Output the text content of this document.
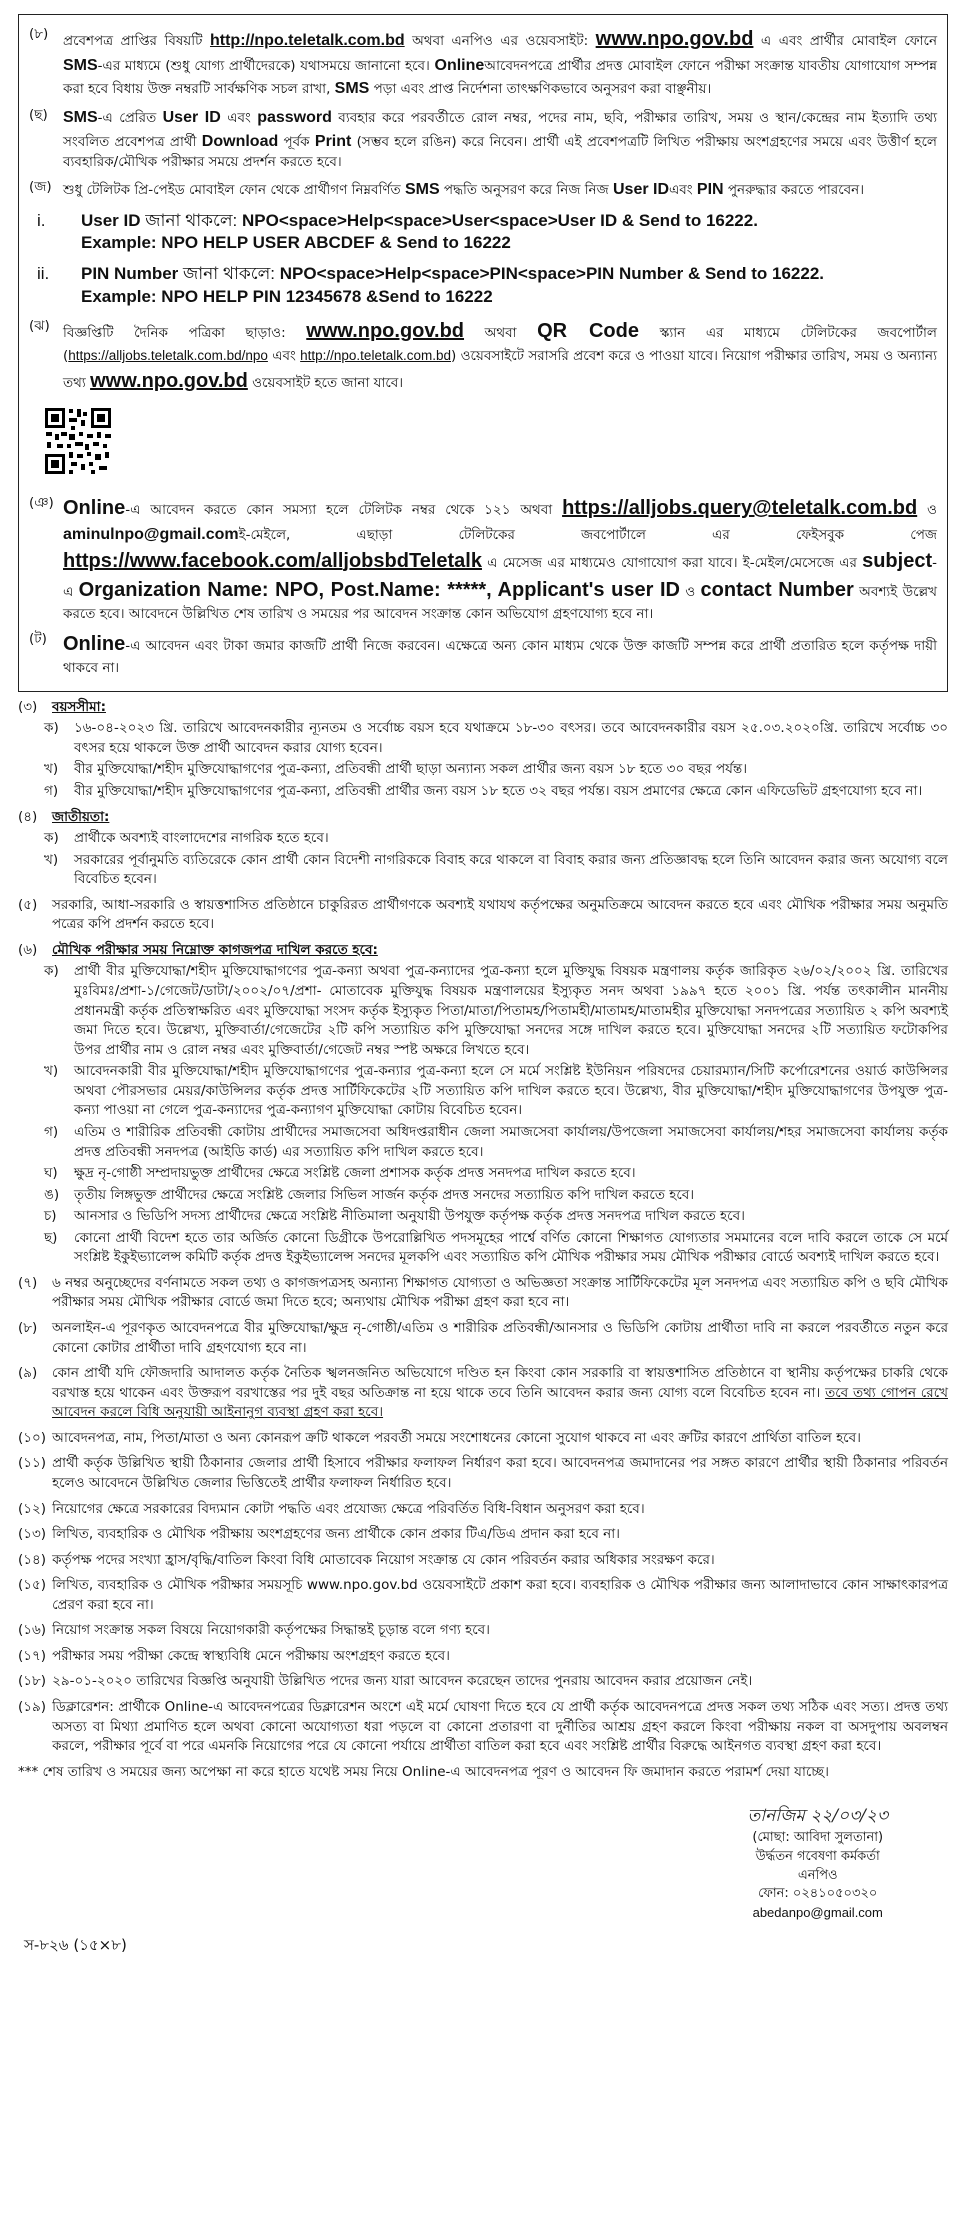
(৮)	প্রবেশপত্র প্রাপ্তির বিষয়টি http://npo.teletalk.com.bd অথবা এনপিও এর ওয়েবসাইট: www.npo.gov.bd এ এবং প্রার্থীর মোবাইল ফোনে SMS-এর মাধ্যমে (শুধু যোগ্য প্রার্থীদেরকে) যথাসময়ে জানানো হবে। Onlineআবেদনপত্রে প্রার্থীর প্রদত্ত মোবাইল ফোনে পরীক্ষা সংক্রান্ত যাবতীয় যোগাযোগ সম্পন্ন করা হবে বিধায় উক্ত নম্বরটি সার্বক্ষণিক সচল রাখা, SMS পড়া এবং প্রাপ্ত নির্দেশনা তাৎক্ষণিকভাবে অনুসরণ করা বাঞ্ছনীয়।
(ছ) SMS-এ প্রেরিত User ID এবং password ব্যবহার করে পরবর্তীতে রোল নম্বর, পদের নাম, ছবি, পরীক্ষার তারিখ, সময় ও স্থান/কেন্দ্রের নাম ইত্যাদি তথ্য সংবলিত প্রবেশপত্র প্রার্থী Download পূর্বক Print (সম্ভব হলে রঙিন) করে নিবেন। প্রার্থী এই প্রবেশপত্রটি লিখিত পরীক্ষায় অংশগ্রহণের সময়ে এবং উত্তীর্ণ হলে ব্যবহারিক/মৌখিক পরীক্ষার সময়ে প্রদর্শন করতে হবে।
(জ) শুধু টেলিটক প্রি-পেইড মোবাইল ফোন থেকে প্রার্থীগণ নিম্নবর্ণিত SMS পদ্ধতি অনুসরণ করে নিজ নিজ User IDএবং PIN পুনরুদ্ধার করতে পারবেন।
i.	User ID জানা থাকলে: NPO<space>Help<space>User<space>User ID & Send to 16222.
Example: NPO HELP USER ABCDEF & Send to 16222
ii.	PIN Number জানা থাকলে: NPO<space>Help<space>PIN<space>PIN Number & Send to 16222.
Example: NPO HELP PIN 12345678 &Send to 16222
(ঝ) বিজ্ঞপ্তিটি দৈনিক পত্রিকা ছাড়াও: www.npo.gov.bd অথবা QR Code স্ক্যান এর মাধ্যমে টেলিটকের জবপোর্টাল (https://alljobs.teletalk.com.bd/npo এবং http://npo.teletalk.com.bd) ওয়েবসাইটে সরাসরি প্রবেশ করে ও পাওয়া যাবে। নিয়োগ পরীক্ষার তারিখ, সময় ও অন্যান্য তথ্য www.npo.gov.bd ওয়েবসাইট হতে জানা যাবে।
(ঞ) Online-এ আবেদন করতে কোন সমস্যা হলে টেলিটক নম্বর থেকে ১২১ অথবা https://alljobs.query@teletalk.com.bd ও aminulnpo@gmail.comই-মেইলে, এছাড়া টেলিটকের জবপোর্টালে এর ফেইসবুক পেজ https://www.facebook.com/alljobsbdTeletalk এ মেসেজ এর মাধ্যমেও যোগাযোগ করা যাবে। ই-মেইল/মেসেজে এর subject-এ Organization Name: NPO, Post.Name: *****, Applicant's user ID ও contact Number অবশ্যই উল্লেখ করতে হবে। আবেদনে উল্লিখিত শেষ তারিখ ও সময়ের পর আবেদন সংক্রান্ত কোন অভিযোগ গ্রহণযোগ্য হবে না।
(ট) Online-এ আবেদন এবং টাকা জমার কাজটি প্রার্থী নিজে করবেন। এক্ষেত্রে অন্য কোন মাধ্যম থেকে উক্ত কাজটি সম্পন্ন করে প্রার্থী প্রতারিত হলে কর্তৃপক্ষ দায়ী থাকবে না।
(৩)	বয়সসীমা:
ক)	১৬-০৪-২০২৩ খ্রি. তারিখে আবেদনকারীর ন্যূনতম ও সর্বোচ্চ বয়স হবে যথাক্রমে ১৮-৩০ বৎসর। তবে আবেদনকারীর বয়স ২৫.০৩.২০২০খ্রি. তারিখে সর্বোচ্চ ৩০ বৎসর হয়ে থাকলে উক্ত প্রার্থী আবেদন করার যোগ্য হবেন।
খ)	বীর মুক্তিযোদ্ধা/শহীদ মুক্তিযোদ্ধাগণের পুত্র-কন্যা, প্রতিবন্ধী প্রার্থী ছাড়া অন্যান্য সকল প্রার্থীর জন্য বয়স ১৮ হতে ৩০ বছর পর্যন্ত।
গ)	বীর মুক্তিযোদ্ধা/শহীদ মুক্তিযোদ্ধাগণের পুত্র-কন্যা, প্রতিবন্ধী প্রার্থীর জন্য বয়স ১৮ হতে ৩২ বছর পর্যন্ত। বয়স প্রমাণের ক্ষেত্রে কোন এফিডেভিট গ্রহণযোগ্য হবে না।
(৪)	জাতীয়তা:
ক)	প্রার্থীকে অবশ্যই বাংলাদেশের নাগরিক হতে হবে।
খ)	সরকারের পূর্বানুমতি ব্যতিরেকে কোন প্রার্থী কোন বিদেশী নাগরিককে বিবাহ করে থাকলে বা বিবাহ করার জন্য প্রতিজ্ঞাবদ্ধ হলে তিনি আবেদন করার জন্য অযোগ্য বলে বিবেচিত হবেন।
(৫)	সরকারি, আধা-সরকারি ও স্বায়ত্তশাসিত প্রতিষ্ঠানে চাকুরিরত প্রার্থীগণকে অবশ্যই যথাযথ কর্তৃপক্ষের অনুমতিক্রমে আবেদন করতে হবে এবং মৌখিক পরীক্ষার সময় অনুমতি পত্রের কপি প্রদর্শন করতে হবে।
(৬)	মৌখিক পরীক্ষার সময় নিম্নোক্ত কাগজপত্র দাখিল করতে হবে:
ক)	প্রার্থী বীর মুক্তিযোদ্ধা/শহীদ মুক্তিযোদ্ধাগণের পুত্র-কন্যা অথবা পুত্র-কন্যাদের পুত্র-কন্যা হলে মুক্তিযুদ্ধ বিষয়ক মন্ত্রণালয় কর্তৃক জারিকৃত ২৬/০২/২০০২ খ্রি. তারিখের মুঃবিমঃ/প্রশা-১/গেজেট/ডাটা/২০০২/০৭/প্রশা- মোতাবেক মুক্তিযুদ্ধ বিষয়ক মন্ত্রণালয়ের ইস্যুকৃত সনদ অথবা ১৯৯৭ হতে ২০০১ খ্রি. পর্যন্ত তৎকালীন মাননীয় প্রধানমন্ত্রী কর্তৃক প্রতিস্বাক্ষরিত এবং মুক্তিযোদ্ধা সংসদ কর্তৃক ইস্যুকৃত পিতা/মাতা/পিতামহ/পিতামহী/মাতামহ/মাতামহীর মুক্তিযোদ্ধা সনদপত্রের সত্যায়িত ২ কপি অবশ্যই জমা দিতে হবে। উল্লেখ্য, মুক্তিবার্তা/গেজেটের ২টি কপি সত্যায়িত কপি মুক্তিযোদ্ধা সনদের সঙ্গে দাখিল করতে হবে। মুক্তিযোদ্ধা সনদের ২টি সত্যায়িত ফটোকপির উপর প্রার্থীর নাম ও রোল নম্বর এবং মুক্তিবার্তা/গেজেট নম্বর স্পষ্ট অক্ষরে লিখতে হবে।
খ)	আবেদনকারী বীর মুক্তিযোদ্ধা/শহীদ মুক্তিযোদ্ধাগণের পুত্র-কন্যার পুত্র-কন্যা হলে সে মর্মে সংশ্লিষ্ট ইউনিয়ন পরিষদের চেয়ারম্যান/সিটি কর্পোরেশনের ওয়ার্ড কাউন্সিলর অথবা পৌরসভার মেয়র/কাউন্সিলর কর্তৃক প্রদত্ত সার্টিফিকেটের ২টি সত্যায়িত কপি দাখিল করতে হবে। উল্লেখ্য, বীর মুক্তিযোদ্ধা/শহীদ মুক্তিযোদ্ধাগণের উপযুক্ত পুত্র-কন্যা পাওয়া না গেলে পুত্র-কন্যাদের পুত্র-কন্যাগণ মুক্তিযোদ্ধা কোটায় বিবেচিত হবেন।
গ)	এতিম ও শারীরিক প্রতিবন্ধী কোটায় প্রার্থীদের সমাজসেবা অধিদপ্তরাধীন জেলা সমাজসেবা কার্যালয়/উপজেলা সমাজসেবা কার্যালয়/শহর সমাজসেবা কার্যালয় কর্তৃক প্রদত্ত প্রতিবন্ধী সনদপত্র (আইডি কার্ড) এর সত্যায়িত কপি দাখিল করতে হবে।
ঘ)	ক্ষুদ্র নৃ-গোষ্ঠী সম্প্রদায়ভুক্ত প্রার্থীদের ক্ষেত্রে সংশ্লিষ্ট জেলা প্রশাসক কর্তৃক প্রদত্ত সনদপত্র দাখিল করতে হবে।
ঙ)	তৃতীয় লিঙ্গভুক্ত প্রার্থীদের ক্ষেত্রে সংশ্লিষ্ট জেলার সিভিল সার্জন কর্তৃক প্রদত্ত সনদের সত্যায়িত কপি দাখিল করতে হবে।
চ)	আনসার ও ভিডিপি সদস্য প্রার্থীদের ক্ষেত্রে সংশ্লিষ্ট নীতিমালা অনুযায়ী উপযুক্ত কর্তৃপক্ষ কর্তৃক প্রদত্ত সনদপত্র দাখিল করতে হবে।
ছ)	কোনো প্রার্থী বিদেশ হতে তার অর্জিত কোনো ডিগ্রীকে উপরোল্লিখিত পদসমূহের পার্শ্বে বর্ণিত কোনো শিক্ষাগত যোগ্যতার সমমানের বলে দাবি করলে তাকে সে মর্মে সংশ্লিষ্ট ইকুইভ্যালেন্স কমিটি কর্তৃক প্রদত্ত ইকুইভ্যালেন্স সনদের মূলকপি এবং সত্যায়িত কপি মৌখিক পরীক্ষার সময় মৌখিক পরীক্ষার বোর্ডে অবশ্যই দাখিল করতে হবে।
(৭)	৬ নম্বর অনুচ্ছেদের বর্ণনামতে সকল তথ্য ও কাগজপত্রসহ অন্যান্য শিক্ষাগত যোগ্যতা ও অভিজ্ঞতা সংক্রান্ত সার্টিফিকেটের মূল সনদপত্র এবং সত্যায়িত কপি ও ছবি মৌখিক পরীক্ষার সময় মৌখিক পরীক্ষার বোর্ডে জমা দিতে হবে; অন্যথায় মৌখিক পরীক্ষা গ্রহণ করা হবে না।
(৮)	অনলাইন-এ পূরণকৃত আবেদনপত্রে বীর মুক্তিযোদ্ধা/ক্ষুদ্র নৃ-গোষ্ঠী/এতিম ও শারীরিক প্রতিবন্ধী/আনসার ও ভিডিপি কোটায় প্রার্থীতা দাবি না করলে পরবর্তীতে নতুন করে কোনো কোটার প্রার্থীতা দাবি গ্রহণযোগ্য হবে না।
(৯)	কোন প্রার্থী যদি ফৌজদারি আদালত কর্তৃক নৈতিক স্খলনজনিত অভিযোগে দণ্ডিত হন কিংবা কোন সরকারি বা স্বায়ত্তশাসিত প্রতিষ্ঠানে বা স্থানীয় কর্তৃপক্ষের চাকরি থেকে বরখাস্ত হয়ে থাকেন এবং উক্তরূপ বরখাস্তের পর দুই বছর অতিক্রান্ত না হয়ে থাকে তবে তিনি আবেদন করার জন্য যোগ্য বলে বিবেচিত হবেন না। তবে তথ্য গোপন রেখে আবেদন করলে বিধি অনুযায়ী আইনানুগ ব্যবস্থা গ্রহণ করা হবে।
(১০) আবেদনপত্র, নাম, পিতা/মাতা ও অন্য কোনরূপ ক্রটি থাকলে পরবর্তী সময়ে সংশোধনের কোনো সুযোগ থাকবে না এবং ক্রটির কারণে প্রার্থিতা বাতিল হবে।
(১১) প্রার্থী কর্তৃক উল্লিখিত স্থায়ী ঠিকানার জেলার প্রার্থী হিসাবে পরীক্ষার ফলাফল নির্ধারণ করা হবে। আবেদনপত্র জমাদানের পর সঙ্গত কারণে প্রার্থীর স্থায়ী ঠিকানার পরিবর্তন হলেও আবেদনে উল্লিখিত জেলার ভিত্তিতেই প্রার্থীর ফলাফল নির্ধারিত হবে।
(১২) নিয়োগের ক্ষেত্রে সরকারের বিদ্যমান কোটা পদ্ধতি এবং প্রযোজ্য ক্ষেত্রে পরিবর্তিত বিধি-বিধান অনুসরণ করা হবে।
(১৩) লিখিত, ব্যবহারিক ও মৌখিক পরীক্ষায় অংশগ্রহণের জন্য প্রার্থীকে কোন প্রকার টিএ/ডিএ প্রদান করা হবে না।
(১৪) কর্তৃপক্ষ পদের সংখ্যা হ্রাস/বৃদ্ধি/বাতিল কিংবা বিধি মোতাবেক নিয়োগ সংক্রান্ত যে কোন পরিবর্তন করার অধিকার সংরক্ষণ করে।
(১৫) লিখিত, ব্যবহারিক ও মৌখিক পরীক্ষার সময়সূচি www.npo.gov.bd ওয়েবসাইটে প্রকাশ করা হবে। ব্যবহারিক ও মৌখিক পরীক্ষার জন্য আলাদাভাবে কোন সাক্ষাৎকারপত্র প্রেরণ করা হবে না।
(১৬) নিয়োগ সংক্রান্ত সকল বিষয়ে নিয়োগকারী কর্তৃপক্ষের সিদ্ধান্তই চূড়ান্ত বলে গণ্য হবে।
(১৭) পরীক্ষার সময় পরীক্ষা কেন্দ্রে স্বাস্থ্যবিধি মেনে পরীক্ষায় অংশগ্রহণ করতে হবে।
(১৮) ২৯-০১-২০২০ তারিখের বিজ্ঞপ্তি অনুযায়ী উল্লিখিত পদের জন্য যারা আবেদন করেছেন তাদের পুনরায় আবেদন করার প্রয়োজন নেই।
(১৯) ডিক্লারেশন: প্রার্থীকে Online-এ আবেদনপত্রের ডিক্লারেশন অংশে এই মর্মে ঘোষণা দিতে হবে যে প্রার্থী কর্তৃক আবেদনপত্রে প্রদত্ত সকল তথ্য সঠিক এবং সত্য। প্রদত্ত তথ্য অসত্য বা মিথ্যা প্রমাণিত হলে অথবা কোনো অযোগ্যতা ধরা পড়লে বা কোনো প্রতারণা বা দুর্নীতির আশ্রয় গ্রহণ করলে কিংবা পরীক্ষায় নকল বা অসদুপায় অবলম্বন করলে, পরীক্ষার পূর্বে বা পরে এমনকি নিয়োগের পরে যে কোনো পর্যায়ে প্রার্থীতা বাতিল করা হবে এবং সংশ্লিষ্ট প্রার্থীর বিরুদ্ধে আইনগত ব্যবস্থা গ্রহণ করা হবে।
*** শেষ তারিখ ও সময়ের জন্য অপেক্ষা না করে হাতে যথেষ্ট সময় নিয়ে Online-এ আবেদনপত্র পূরণ ও আবেদন ফি জমাদান করতে পরামর্শ দেয়া যাচ্ছে।
তানজিম ২২/০৩/২৩
(মোছা: আবিদা সুলতানা)
উর্দ্ধতন গবেষণা কর্মকর্তা
এনপিও
ফোন: ০২৪১০৫০৩২০
abedanpo@gmail.com
স-৮২৬ (১৫×৮)
